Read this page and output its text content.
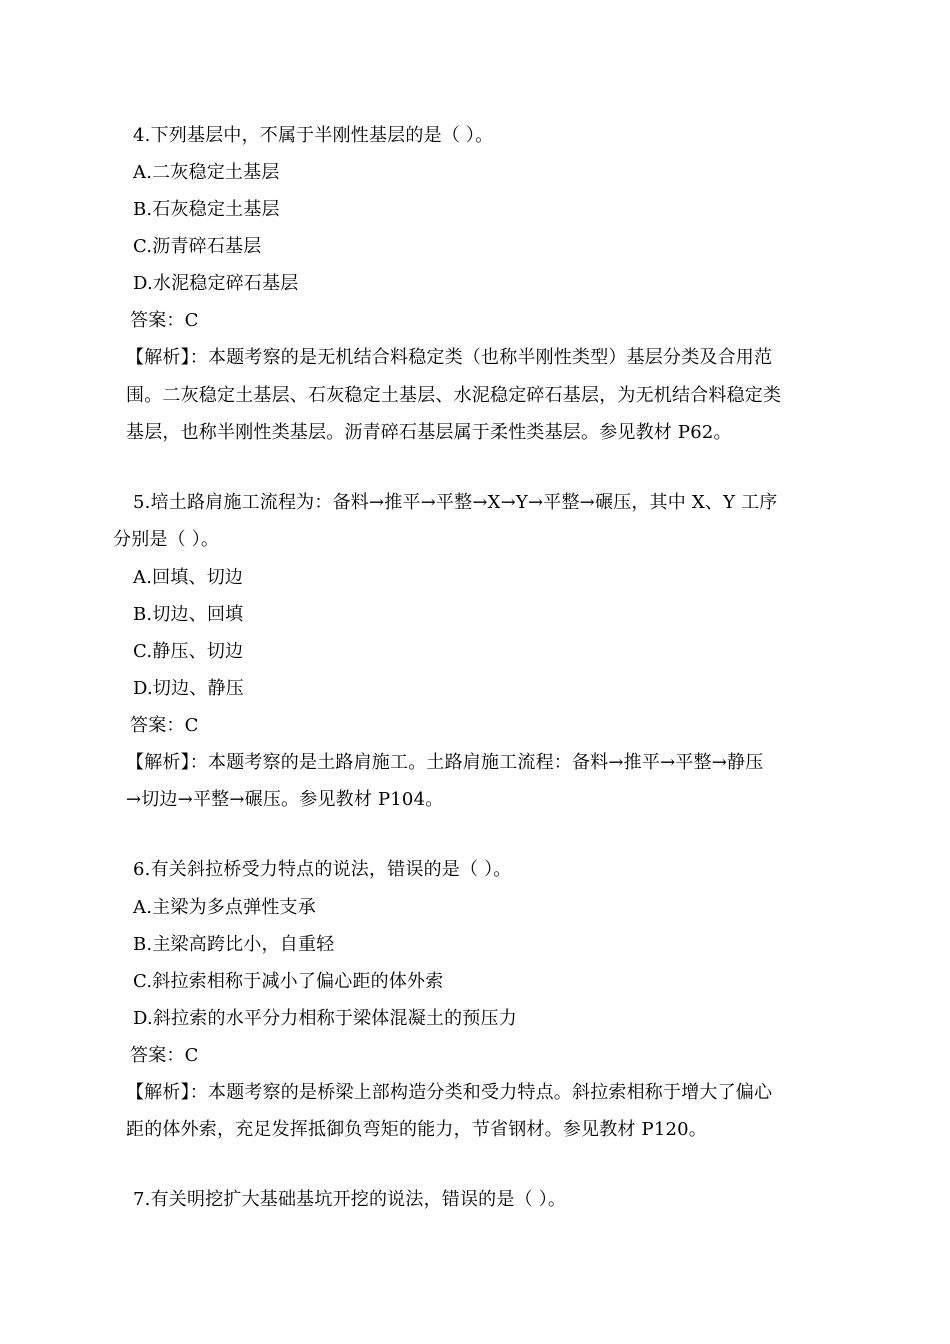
4.下列基层中，不属于半刚性基层的是（ ）。
A.二灰稳定土基层
B.石灰稳定土基层
C.沥青碎石基层
D.水泥稳定碎石基层
答案：C
【解析】：本题考察的是无机结合料稳定类（也称半刚性类型）基层分类及合用范
围。二灰稳定土基层、石灰稳定土基层、水泥稳定碎石基层，为无机结合料稳定类
基层，也称半刚性类基层。沥青碎石基层属于柔性类基层。参见教材 P62。
5.培土路肩施工流程为：备料→推平→平整→X→Y→平整→碾压，其中 X、Y 工序
分别是（ ）。
A.回填、切边
B.切边、回填
C.静压、切边
D.切边、静压
答案：C
【解析】：本题考察的是土路肩施工。土路肩施工流程：备料→推平→平整→静压
→切边→平整→碾压。参见教材 P104。
6.有关斜拉桥受力特点的说法，错误的是（ ）。
A.主梁为多点弹性支承
B.主梁高跨比小，自重轻
C.斜拉索相称于减小了偏心距的体外索
D.斜拉索的水平分力相称于梁体混凝土的预压力
答案：C
【解析】：本题考察的是桥梁上部构造分类和受力特点。斜拉索相称于增大了偏心
距的体外索，充足发挥抵御负弯矩的能力，节省钢材。参见教材 P120。
7.有关明挖扩大基础基坑开挖的说法，错误的是（ ）。
